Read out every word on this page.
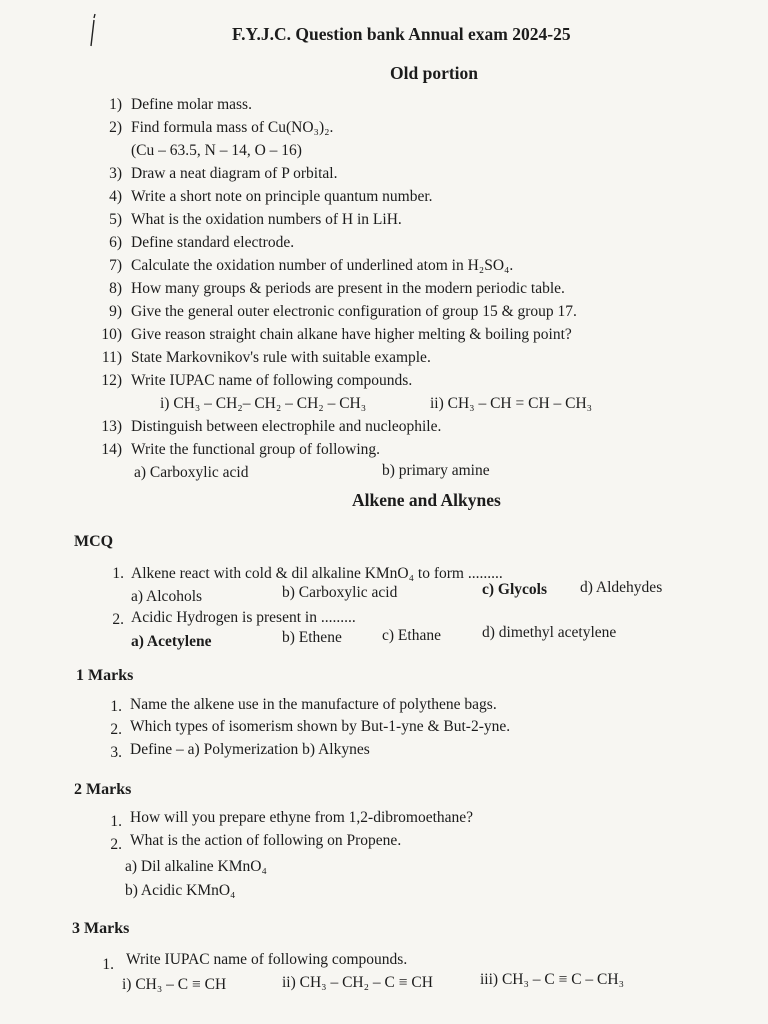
F.Y.J.C. Question bank Annual exam 2024-25
Old portion
1) Define molar mass.
2) Find formula mass of Cu(NO₃)₂.
(Cu – 63.5, N – 14, O – 16)
3) Draw a neat diagram of P orbital.
4) Write a short note on principle quantum number.
5) What is the oxidation numbers of H in LiH.
6) Define standard electrode.
7) Calculate the oxidation number of underlined atom in H₂SO₄.
8) How many groups & periods are present in the modern periodic table.
9) Give the general outer electronic configuration of group 15 & group 17.
10) Give reason straight chain alkane have higher melting & boiling point?
11) State Markovnikov's rule with suitable example.
12) Write IUPAC name of following compounds.
i) CH₃ – CH₂– CH₂ – CH₂ – CH₃	ii) CH₃ – CH = CH – CH₃
13) Distinguish between electrophile and nucleophile.
14) Write the functional group of following.
a) Carboxylic acid	b) primary amine
Alkene and Alkynes
MCQ
1. Alkene react with cold & dil alkaline KMnO₄ to form .........
a) Alcohols	b) Carboxylic acid	c) Glycols d) Aldehydes
2. Acidic Hydrogen is present in .........
a) Acetylene	b) Ethene	c) Ethane	d) dimethyl acetylene
1 Marks
1. Name the alkene use in the manufacture of polythene bags.
2. Which types of isomerism shown by But-1-yne & But-2-yne.
3. Define – a) Polymerization b) Alkynes
2 Marks
1. How will you prepare ethyne from 1,2-dibromoethane?
2. What is the action of following on Propene.
a) Dil alkaline KMnO₄
b) Acidic KMnO₄
3 Marks
1. Write IUPAC name of following compounds.
i) CH₃ – C ≡ CH	ii) CH₃ – CH₂ – C ≡ CH	iii) CH₃ – C ≡ C – CH₃
